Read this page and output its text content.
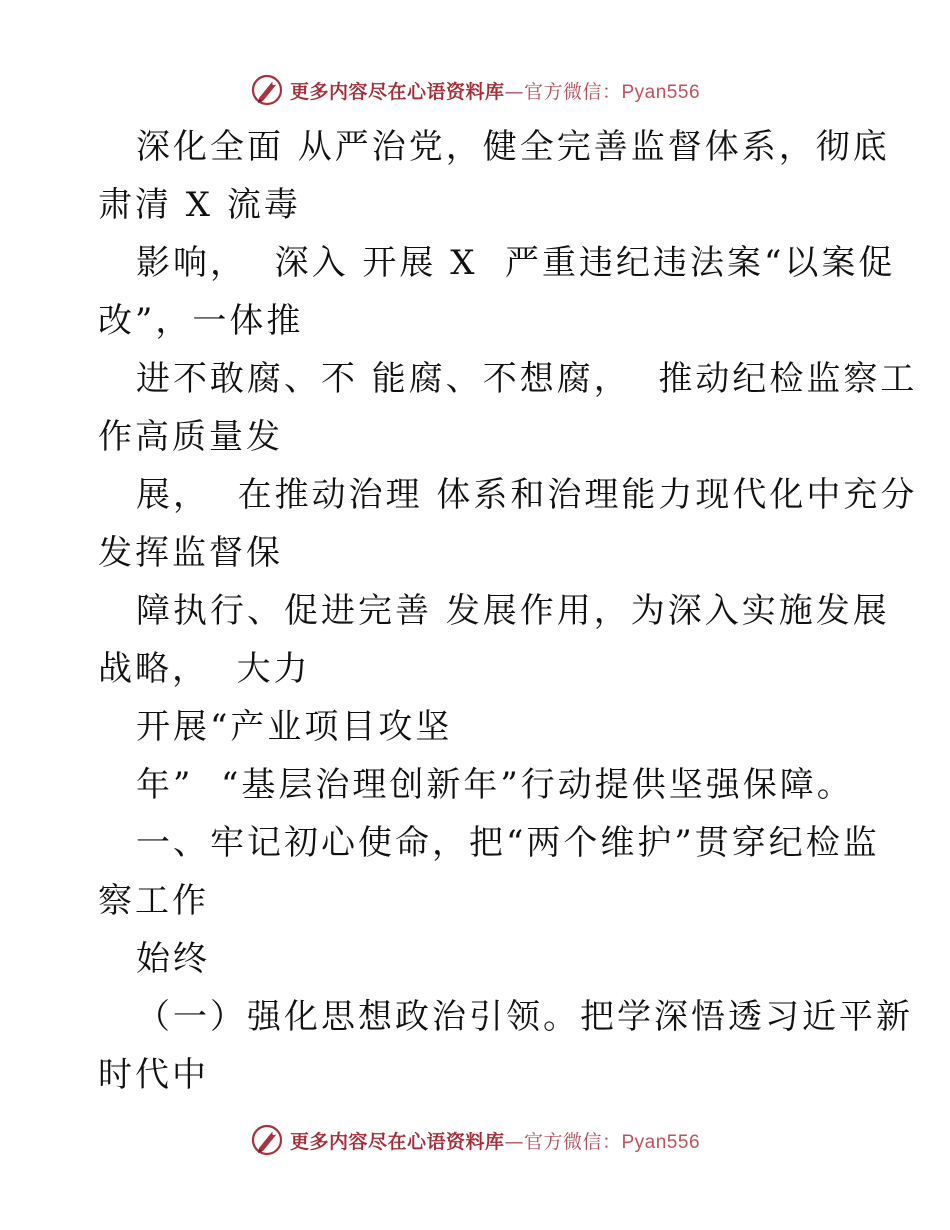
更多内容尽在心语资料库—官方微信：Pyan556
深化全面 从严治党，健全完善监督体系，彻底
肃清 X 流毒
影响，  深入 开展 X  严重违纪违法案“以案促
改”，一体推
进不敢腐、不 能腐、不想腐，  推动纪检监察工
作高质量发
展，  在推动治理 体系和治理能力现代化中充分
发挥监督保
障执行、促进完善 发展作用，为深入实施发展
战略，  大力
开展“产业项目攻坚
年”  “基层治理创新年”行动提供坚强保障。
一、牢记初心使命，把“两个维护”贯穿纪检监
察工作
始终
（一）强化思想政治引领。把学深悟透习近平新
时代中
更多内容尽在心语资料库—官方微信：Pyan556
